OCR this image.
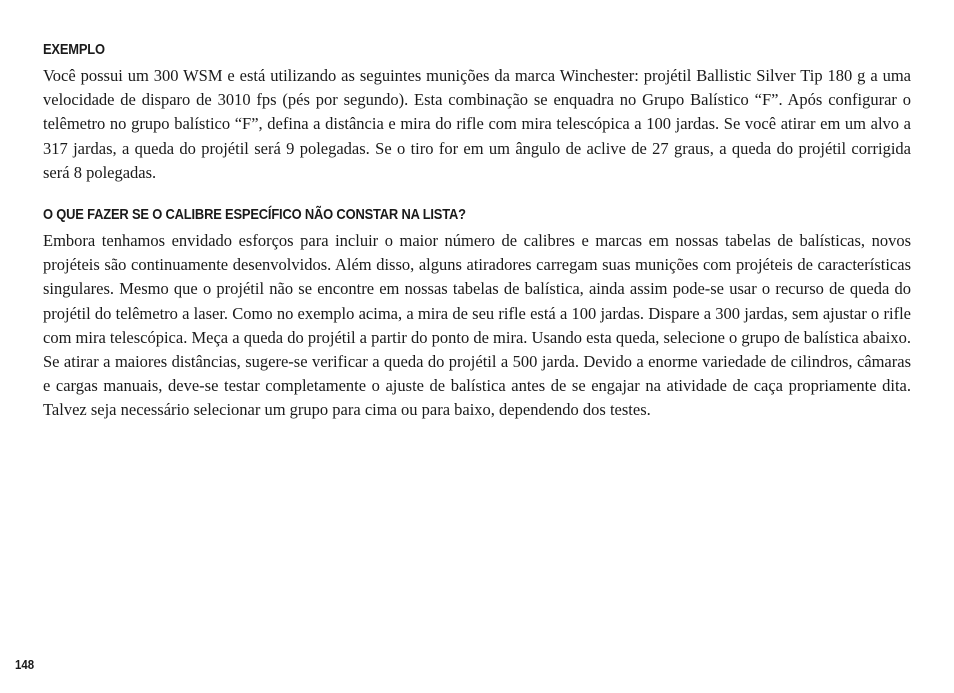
EXEMPLO

Você possui um 300 WSM e está utilizando as seguintes munições da marca Winchester: projétil Ballistic Silver Tip 180 g a uma velocidade de disparo de 3010 fps (pés por segundo). Esta combinação se enquadra no Grupo Balístico “F”. Após configurar o telêmetro no grupo balístico “F”, defina a distância e mira do rifle com mira telescópica a 100 jardas. Se você atirar em um alvo a 317 jardas, a queda do projétil será 9 polegadas. Se o tiro for em um ângulo de aclive de 27 graus, a queda do projétil corrigida será 8 polegadas.

O QUE FAZER SE O CALIBRE ESPECÍFICO NÃO CONSTAR NA LISTA?

Embora tenhamos envidado esforços para incluir o maior número de calibres e marcas em nossas tabelas de balísticas, novos projéteis são continuamente desenvolvidos. Além disso, alguns atiradores carregam suas munições com projéteis de características singulares. Mesmo que o projétil não se encontre em nossas tabelas de balística, ainda assim pode-se usar o recurso de queda do projétil do telêmetro a laser. Como no exemplo acima, a mira de seu rifle está a 100 jardas. Dispare a 300 jardas, sem ajustar o rifle com mira telescópica. Meça a queda do projétil a partir do ponto de mira. Usando esta queda, selecione o grupo de balística abaixo. Se atirar a maiores distâncias, sugere-se verificar a queda do projétil a 500 jarda. Devido a enorme variedade de cilindros, câmaras e cargas manuais, deve-se testar completamente o ajuste de balística antes de se engajar na atividade de caça propriamente dita. Talvez seja necessário selecionar um grupo para cima ou para baixo, dependendo dos testes.

148
